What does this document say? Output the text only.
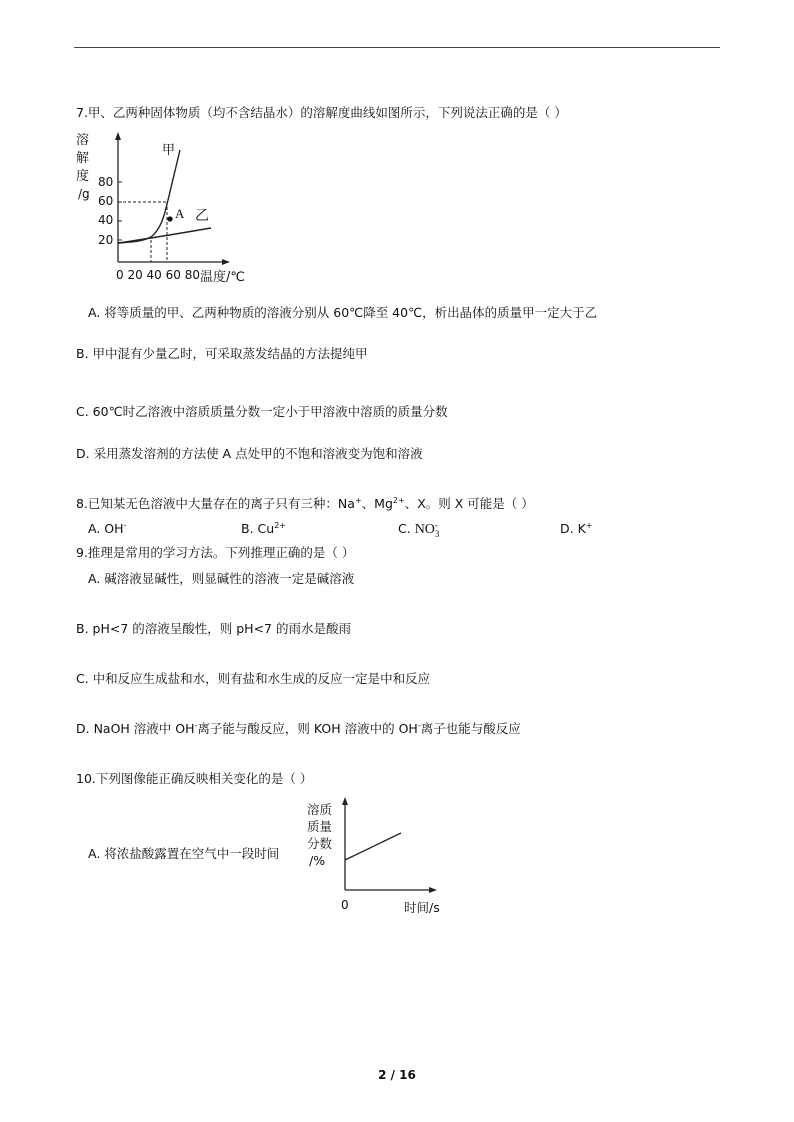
7.甲、乙两种固体物质（均不含结晶水）的溶解度曲线如图所示，下列说法正确的是（ ）
溶
解
度
/g
80
60
40
20
甲
乙
A
0 20 40 60 80 温度/℃
A. 将等质量的甲、乙两种物质的溶液分别从 60℃降至 40℃，析出晶体的质量甲一定大于乙
B. 甲中混有少量乙时，可采取蒸发结晶的方法提纯甲
C. 60℃时乙溶液中溶质质量分数一定小于甲溶液中溶质的质量分数
D. 采用蒸发溶剂的方法使 A 点处甲的不饱和溶液变为饱和溶液
8.已知某无色溶液中大量存在的离子只有三种：Na+、$Mg^{2+}$、X。则 X 可能是（ ）
A. OH-	B. $Cu^{2+}$	C. NO -
3	D. K+
9.推理是常用的学习方法。下列推理正确的是（ ）
A. 碱溶液显碱性，则显碱性的溶液一定是碱溶液
B. pH<7 的溶液呈酸性，则 pH<7 的雨水是酸雨
C. 中和反应生成盐和水，则有盐和水生成的反应一定是中和反应
D. NaOH 溶液中 OH-离子能与酸反应，则 KOH 溶液中的 OH-离子也能与酸反应
10.下列图像能正确反映相关变化的是（ ）
A. 将浓盐酸露置在空气中一段时间
溶质
质量
分数
/%
0	时间/s
2 / 16
